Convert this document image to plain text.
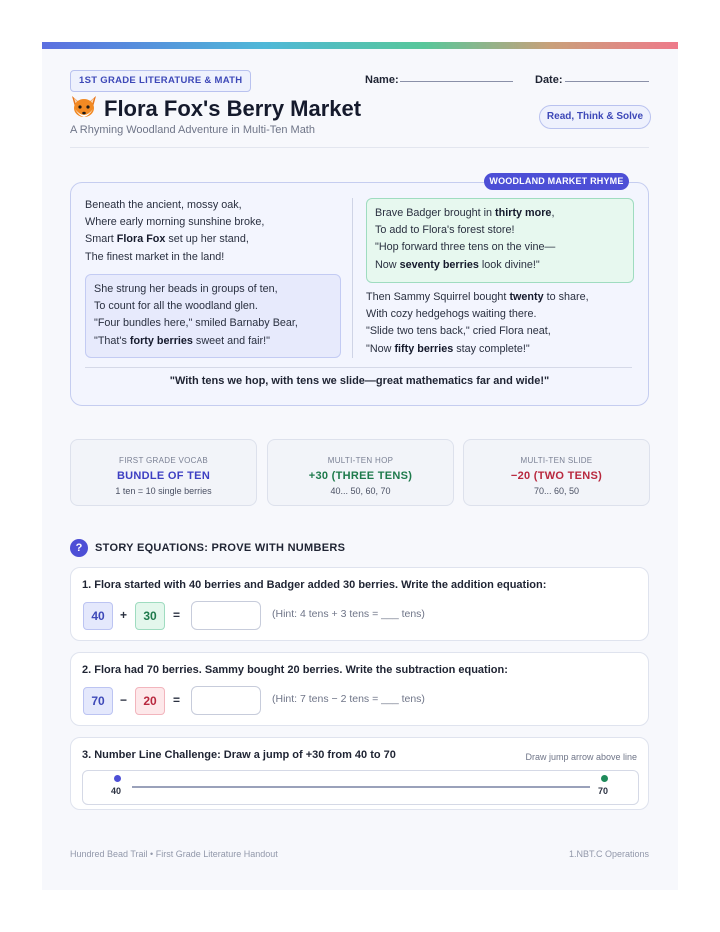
1ST GRADE LITERATURE & MATH	Name:	Date:
Flora Fox's Berry Market
A Rhyming Woodland Adventure in Multi-Ten Math
Read, Think & Solve
WOODLAND MARKET RHYME
Beneath the ancient, mossy oak,
Where early morning sunshine broke,
Smart Flora Fox set up her stand,
The finest market in the land!
She strung her beads in groups of ten,
To count for all the woodland glen.
"Four bundles here," smiled Barnaby Bear,
"That's forty berries sweet and fair!"
Brave Badger brought in thirty more,
To add to Flora's forest store!
"Hop forward three tens on the vine—
Now seventy berries look divine!"
Then Sammy Squirrel bought twenty to share,
With cozy hedgehogs waiting there.
"Slide two tens back," cried Flora neat,
"Now fifty berries stay complete!"
"With tens we hop, with tens we slide—great mathematics far and wide!"
FIRST GRADE VOCAB
BUNDLE OF TEN
1 ten = 10 single berries
MULTI-TEN HOP
+30 (THREE TENS)
40... 50, 60, 70
MULTI-TEN SLIDE
−20 (TWO TENS)
70... 60, 50
?	STORY EQUATIONS: PROVE WITH NUMBERS
1. Flora started with 40 berries and Badger added 30 berries. Write the addition equation:
40	+	30	=	(Hint: 4 tens + 3 tens = ___ tens)
2. Flora had 70 berries. Sammy bought 20 berries. Write the subtraction equation:
70	−	20	=	(Hint: 7 tens − 2 tens = ___ tens)
3. Number Line Challenge: Draw a jump of +30 from 40 to 70	Draw jump arrow above line
40	70
Hundred Bead Trail • First Grade Literature Handout	1.NBT.C Operations
